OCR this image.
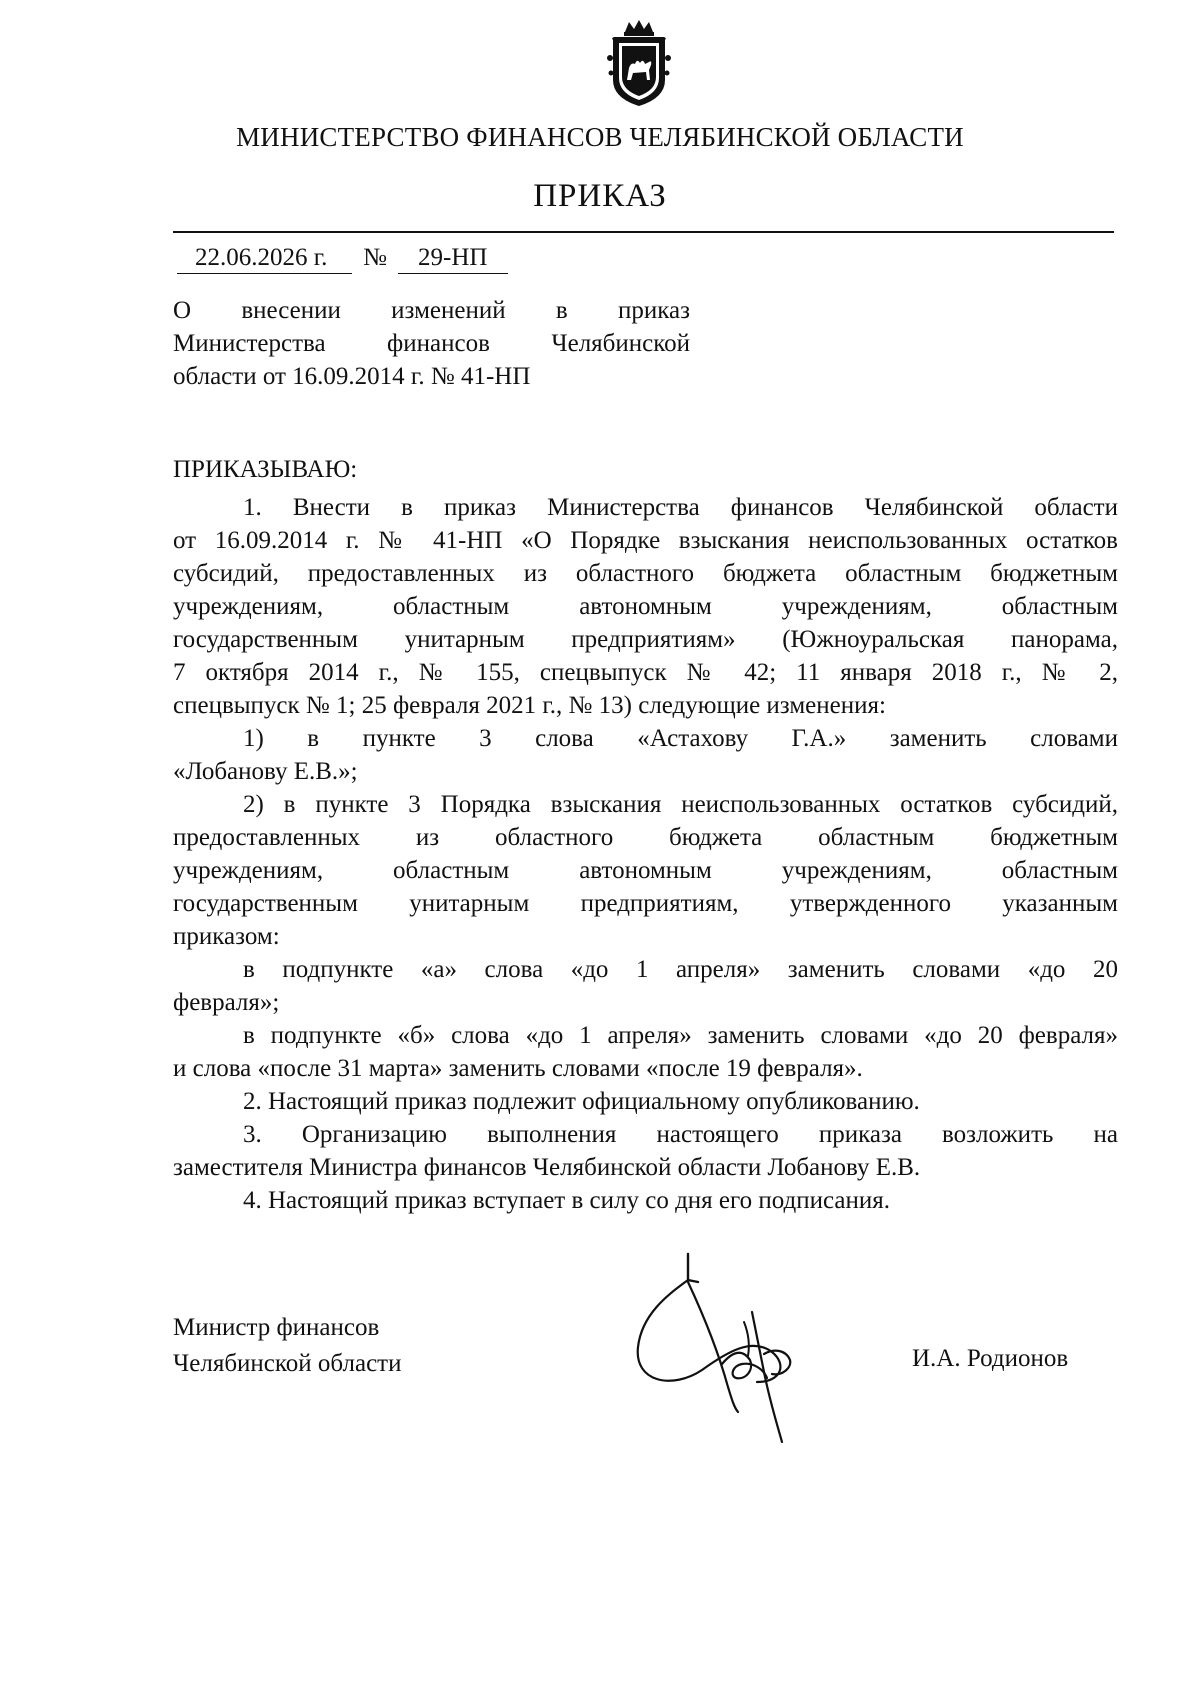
МИНИСТЕРСТВО ФИНАНСОВ ЧЕЛЯБИНСКОЙ ОБЛАСТИ
ПРИКАЗ
22.06.2026 г. № 29-НП
О внесении изменений в приказ
Министерства финансов Челябинской
области от 16.09.2014 г. № 41-НП
ПРИКАЗЫВАЮ:
1. Внести в приказ Министерства финансов Челябинской области
от 16.09.2014 г. № 41-НП «О Порядке взыскания неиспользованных остатков
субсидий, предоставленных из областного бюджета областным бюджетным
учреждениям, областным автономным учреждениям, областным
государственным унитарным предприятиям» (Южноуральская панорама,
7 октября 2014 г., № 155, спецвыпуск № 42; 11 января 2018 г., № 2,
спецвыпуск № 1; 25 февраля 2021 г., № 13) следующие изменения:
1) в пункте 3 слова «Астахову Г.А.» заменить словами
«Лобанову Е.В.»;
2) в пункте 3 Порядка взыскания неиспользованных остатков субсидий,
предоставленных из областного бюджета областным бюджетным
учреждениям, областным автономным учреждениям, областным
государственным унитарным предприятиям, утвержденного указанным
приказом:
в подпункте «а» слова «до 1 апреля» заменить словами «до 20
февраля»;
в подпункте «б» слова «до 1 апреля» заменить словами «до 20 февраля»
и слова «после 31 марта» заменить словами «после 19 февраля».
2. Настоящий приказ подлежит официальному опубликованию.
3. Организацию выполнения настоящего приказа возложить на
заместителя Министра финансов Челябинской области Лобанову Е.В.
4. Настоящий приказ вступает в силу со дня его подписания.
Министр финансов
Челябинской области	И.А. Родионов
